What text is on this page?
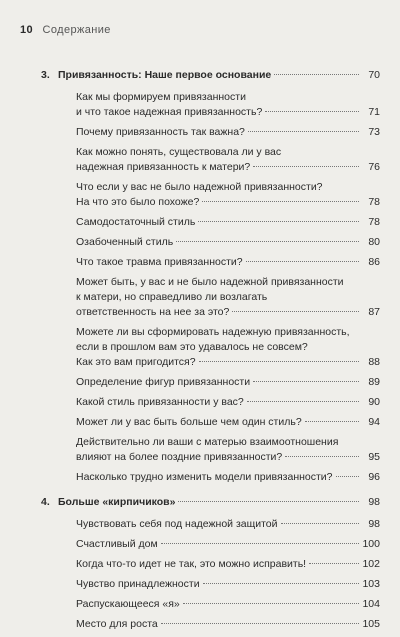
10 Содержание
3. Привязанность: Наше первое основание	70
Как мы формируем привязанности
и что такое надежная привязанность?	71
Почему привязанность так важна?	73
Как можно понять, существовала ли у вас
надежная привязанность к матери?	76
Что если у вас не было надежной привязанности?
На что это было похоже?	78
Самодостаточный стиль	78
Озабоченный стиль	80
Что такое травма привязанности?	86
Может быть, у вас и не было надежной привязанности
к матери, но справедливо ли возлагать
ответственность на нее за это?	87
Можете ли вы сформировать надежную привязанность,
если в прошлом вам это удавалось не совсем?
Как это вам пригодится?	88
Определение фигур привязанности	89
Какой стиль привязанности у вас?	90
Может ли у вас быть больше чем один стиль?	94
Действительно ли ваши с матерью взаимоотношения
влияют на более поздние привязанности?	95
Насколько трудно изменить модели привязанности?	96
4. Больше «кирпичиков»	98
Чувствовать себя под надежной защитой	98
Счастливый дом	100
Когда что-то идет не так, это можно исправить!	102
Чувство принадлежности	103
Распускающееся «я»	104
Место для роста	105
